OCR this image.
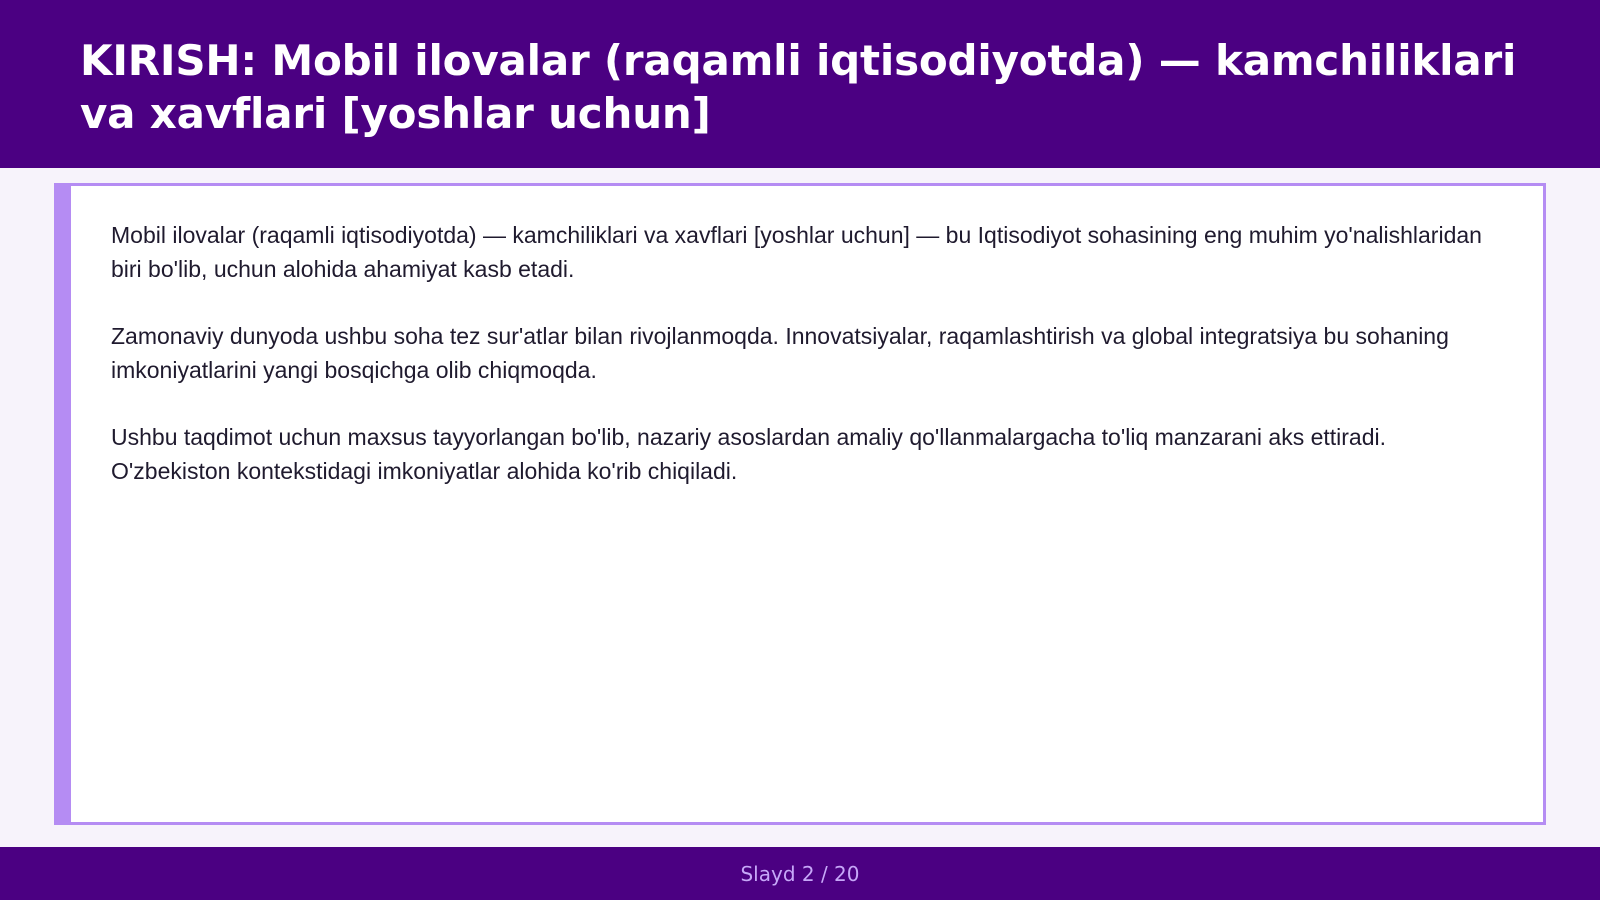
KIRISH: Mobil ilovalar (raqamli iqtisodiyotda) — kamchiliklari va xavflari [yoshlar uchun]

Mobil ilovalar (raqamli iqtisodiyotda) — kamchiliklari va xavflari [yoshlar uchun] — bu Iqtisodiyot sohasining eng muhim yo'nalishlaridan biri bo'lib, uchun alohida ahamiyat kasb etadi.

Zamonaviy dunyoda ushbu soha tez sur'atlar bilan rivojlanmoqda. Innovatsiyalar, raqamlashtirish va global integratsiya bu sohaning imkoniyatlarini yangi bosqichga olib chiqmoqda.

Ushbu taqdimot uchun maxsus tayyorlangan bo'lib, nazariy asoslardan amaliy qo'llanmalargacha to'liq manzarani aks ettiradi. O'zbekiston kontekstidagi imkoniyatlar alohida ko'rib chiqiladi.

Slayd 2 / 20
